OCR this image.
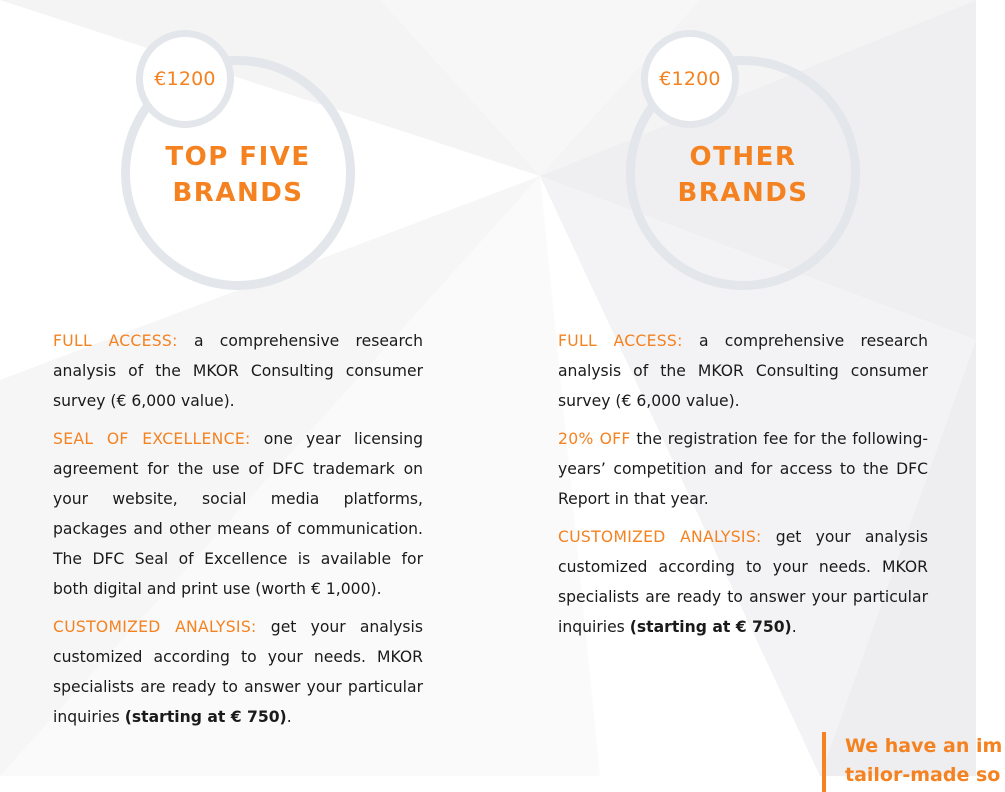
€1200
TOP FIVE
BRANDS

FULL ACCESS: a comprehensive research analysis of the MKOR Consulting consumer survey (€ 6,000 value).

SEAL OF EXCELLENCE: one year licensing agreement for the use of DFC trademark on your website, social media platforms, packages and other means of communication. The DFC Seal of Excellence is available for both digital and print use (worth € 1,000).

CUSTOMIZED ANALYSIS: get your analysis customized according to your needs. MKOR specialists are ready to answer your particular inquiries (starting at € 750).

€1200
OTHER
BRANDS

FULL ACCESS: a comprehensive research analysis of the MKOR Consulting consumer survey (€ 6,000 value).

20% OFF the registration fee for the following-years’ competition and for access to the DFC Report in that year.

CUSTOMIZED ANALYSIS: get your analysis customized according to your needs. MKOR specialists are ready to answer your particular inquiries (starting at € 750).

We have an im
tailor-made so
